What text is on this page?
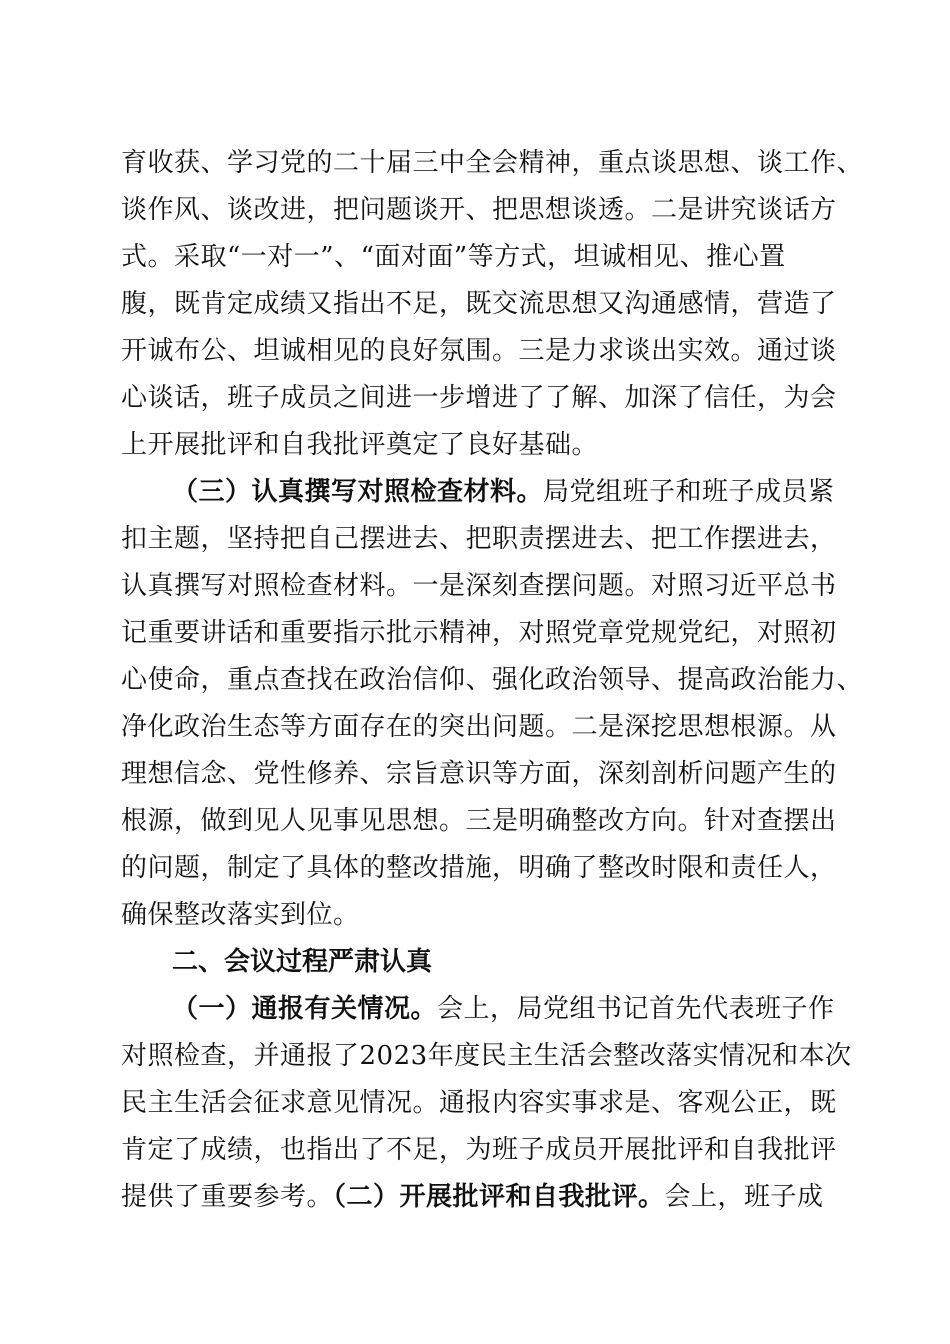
育收获、学习党的二十届三中全会精神，重点谈思想、谈工作、
谈作风、谈改进，把问题谈开、把思想谈透。二是讲究谈话方
式。采取“一对一”、“面对面”等方式，坦诚相见、推心置
腹，既肯定成绩又指出不足，既交流思想又沟通感情，营造了
开诚布公、坦诚相见的良好氛围。三是力求谈出实效。通过谈
心谈话，班子成员之间进一步增进了了解、加深了信任，为会
上开展批评和自我批评奠定了良好基础。
（三）认真撰写对照检查材料。局党组班子和班子成员紧
扣主题，坚持把自己摆进去、把职责摆进去、把工作摆进去，
认真撰写对照检查材料。一是深刻查摆问题。对照习近平总书
记重要讲话和重要指示批示精神，对照党章党规党纪，对照初
心使命，重点查找在政治信仰、强化政治领导、提高政治能力、
净化政治生态等方面存在的突出问题。二是深挖思想根源。从
理想信念、党性修养、宗旨意识等方面，深刻剖析问题产生的
根源，做到见人见事见思想。三是明确整改方向。针对查摆出
的问题，制定了具体的整改措施，明确了整改时限和责任人，
确保整改落实到位。
二、会议过程严肃认真
（一）通报有关情况。会上，局党组书记首先代表班子作
对照检查，并通报了2023年度民主生活会整改落实情况和本次
民主生活会征求意见情况。通报内容实事求是、客观公正，既
肯定了成绩，也指出了不足，为班子成员开展批评和自我批评
提供了重要参考。（二）开展批评和自我批评。会上，班子成
